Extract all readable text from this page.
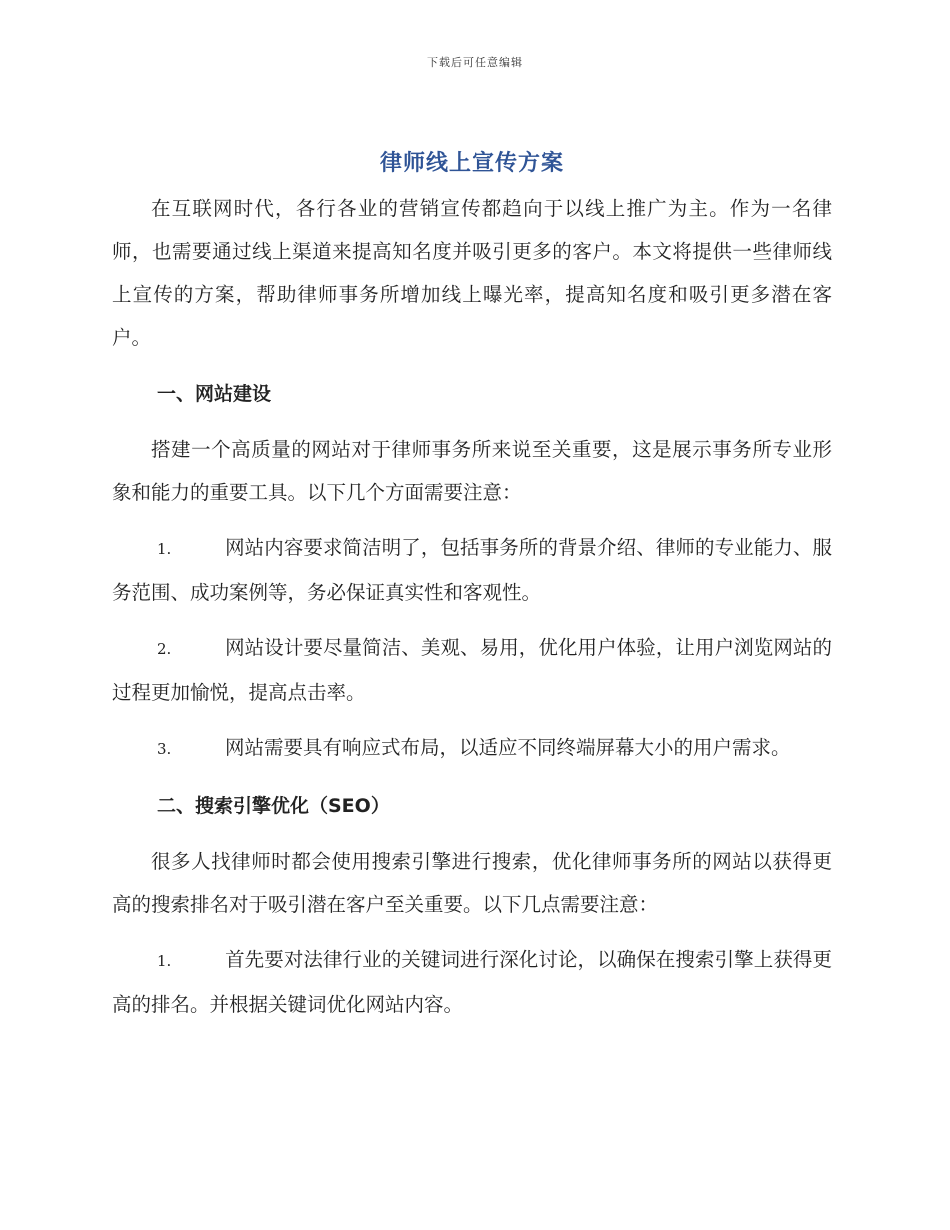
下载后可任意编辑
律师线上宣传方案

在互联网时代，各行各业的营销宣传都趋向于以线上推广为主。作为一名律师，也需要通过线上渠道来提高知名度并吸引更多的客户。本文将提供一些律师线上宣传的方案，帮助律师事务所增加线上曝光率，提高知名度和吸引更多潜在客户。

一、网站建设

搭建一个高质量的网站对于律师事务所来说至关重要，这是展示事务所专业形象和能力的重要工具。以下几个方面需要注意：

1.	网站内容要求简洁明了，包括事务所的背景介绍、律师的专业能力、服务范围、成功案例等，务必保证真实性和客观性。

2.	网站设计要尽量简洁、美观、易用，优化用户体验，让用户浏览网站的过程更加愉悦，提高点击率。

3.	网站需要具有响应式布局，以适应不同终端屏幕大小的用户需求。

二、搜索引擎优化（SEO）

很多人找律师时都会使用搜索引擎进行搜索，优化律师事务所的网站以获得更高的搜索排名对于吸引潜在客户至关重要。以下几点需要注意：

1.	首先要对法律行业的关键词进行深化讨论，以确保在搜索引擎上获得更高的排名。并根据关键词优化网站内容。
